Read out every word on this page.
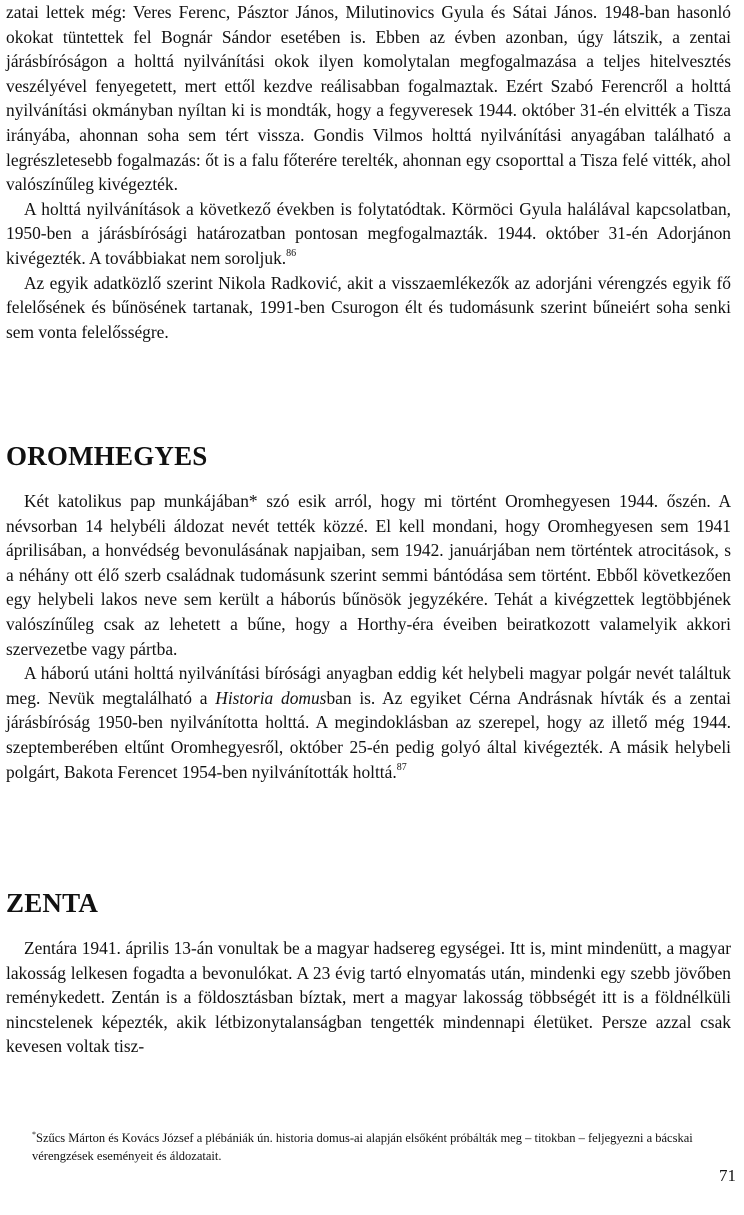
zatai lettek még: Veres Ferenc, Pásztor János, Milutinovics Gyula és Sátai János. 1948-ban hasonló okokat tüntettek fel Bognár Sándor esetében is. Ebben az évben azonban, úgy látszik, a zentai járásbíróságon a holttá nyilvánítási okok ilyen komolytalan megfogalmazása a teljes hitelvesztés veszélyével fenyegetett, mert ettől kezdve reálisabban fogalmaztak. Ezért Szabó Ferencről a holttá nyilvánítási okmányban nyíltan ki is mondták, hogy a fegyveresek 1944. október 31-én elvitték a Tisza irányába, ahonnan soha sem tért vissza. Gondis Vilmos holttá nyilvánítási anyagában található a legrészletesebb fogalmazás: őt is a falu főterére terelték, ahonnan egy csoporttal a Tisza felé vitték, ahol valószínűleg kivégezték.

A holttá nyilvánítások a következő években is folytatódtak. Körmöci Gyula halálával kapcsolatban, 1950-ben a járásbírósági határozatban pontosan megfogalmazták. 1944. október 31-én Adorjánon kivégezték. A továbbiakat nem soroljuk.$^{86}$

Az egyik adatközlő szerint Nikola Radković, akit a visszaemlékezők az adorjáni vérengzés egyik fő felelősének és bűnösének tartanak, 1991-ben Csurogon élt és tudomásunk szerint bűneiért soha senki sem vonta felelősségre.

OROMHEGYES

Két katolikus pap munkájában* szó esik arról, hogy mi történt Oromhegyesen 1944. őszén. A névsorban 14 helybéli áldozat nevét tették közzé. El kell mondani, hogy Oromhegyesen sem 1941 áprilisában, a honvédség bevonulásának napjaiban, sem 1942. januárjában nem történtek atrocitások, s a néhány ott élő szerb családnak tudomásunk szerint semmi bántódása sem történt. Ebből következően egy helybeli lakos neve sem került a háborús bűnösök jegyzékére. Tehát a kivégzettek legtöbbjének valószínűleg csak az lehetett a bűne, hogy a Horthy-éra éveiben beiratkozott valamelyik akkori szervezetbe vagy pártba.

A háború utáni holttá nyilvánítási bírósági anyagban eddig két helybeli magyar polgár nevét találtuk meg. Nevük megtalálható a Historia domusban is. Az egyiket Cérna Andrásnak hívták és a zentai járásbíróság 1950-ben nyilvánította holttá. A megindoklásban az szerepel, hogy az illető még 1944. szeptemberében eltűnt Oromhegyesről, október 25-én pedig golyó által kivégezték. A másik helybeli polgárt, Bakota Ferencet 1954-ben nyilvánították holttá.$^{87}$

ZENTA

Zentára 1941. április 13-án vonultak be a magyar hadsereg egységei. Itt is, mint mindenütt, a magyar lakosság lelkesen fogadta a bevonulókat. A 23 évig tartó elnyomatás után, mindenki egy szebb jövőben reménykedett. Zentán is a földosztásban bíztak, mert a magyar lakosság többségét itt is a földnélküli nincstelenek képezték, akik létbizonytalanságban tengették mindennapi életüket. Persze azzal csak kevesen voltak tisz-

*Szűcs Márton és Kovács József a plébániák ún. historia domus-ai alapján elsőként próbálták meg – titokban – feljegyezni a bácskai vérengzések eseményeit és áldozatait.

71
